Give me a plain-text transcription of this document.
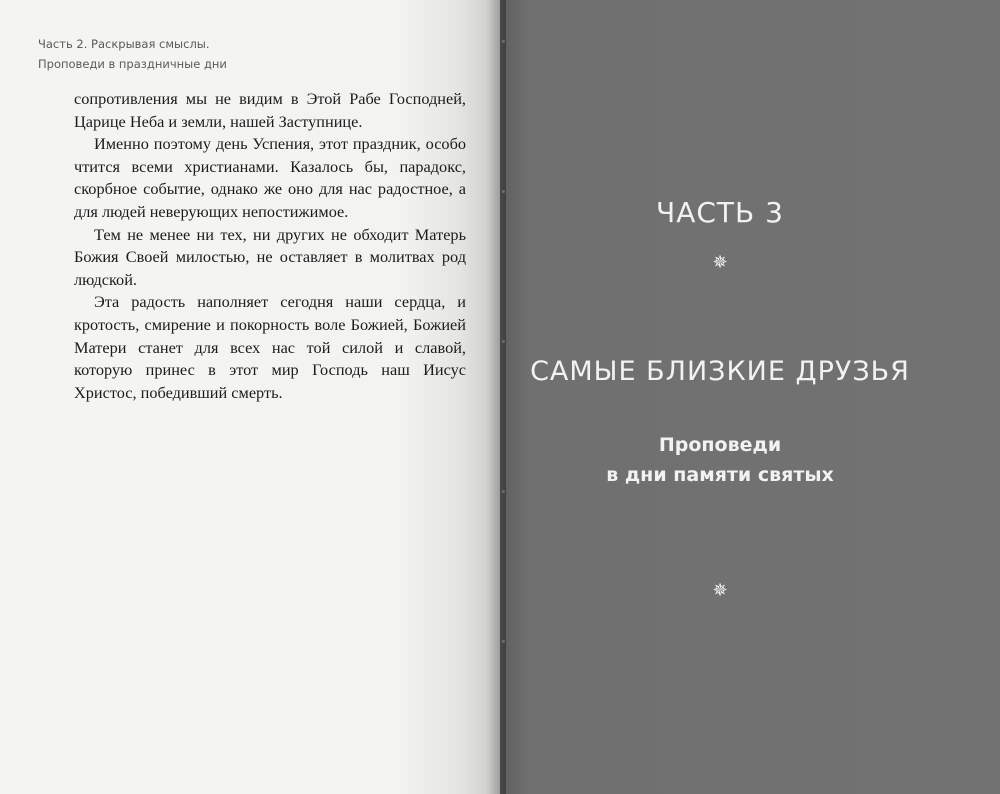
Часть 2. Раскрывая смыслы.
Проповеди в праздничные дни

сопротивления мы не видим в Этой Рабе Господней, Царице Неба и земли, нашей Заступнице.

Именно поэтому день Успения, этот праздник, особо чтится всеми христианами. Казалось бы, парадокс, скорбное событие, однако же оно для нас радостное, а для людей неверующих непостижимое.

Тем не менее ни тех, ни других не обходит Матерь Божия Своей милостью, не оставляет в молитвах род людской.

Эта радость наполняет сегодня наши сердца, и кротость, смирение и покорность воле Божией, Божией Матери станет для всех нас той силой и славой, которую принес в этот мир Господь наш Иисус Христос, победивший смерть.

ЧАСТЬ 3
✵
САМЫЕ БЛИЗКИЕ ДРУЗЬЯ
Проповеди
в дни памяти святых
✵
